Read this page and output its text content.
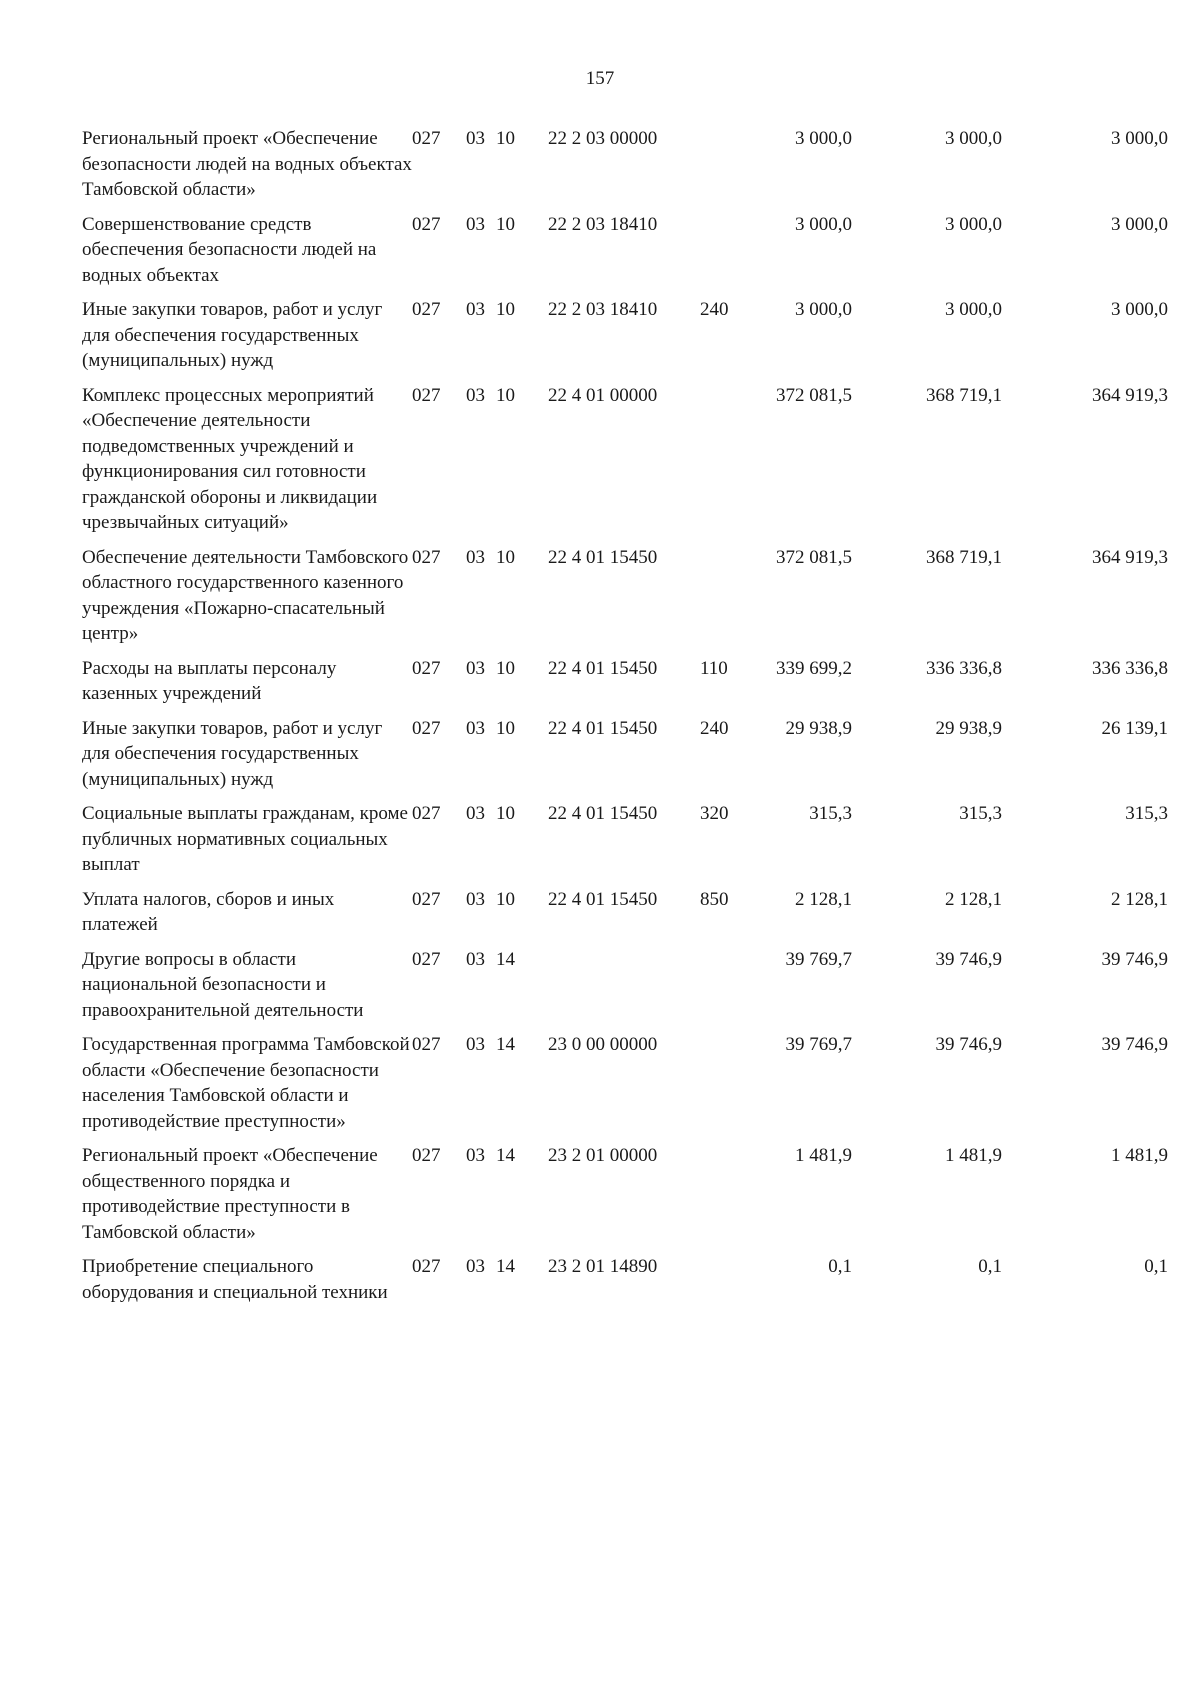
157
Региональный проект «Обеспечение безопасности людей на водных объектах Тамбовской области»
027 03 10 22 2 03 00000	3 000,0	3 000,0	3 000,0
Совершенствование средств обеспечения безопасности людей на водных объектах
027 03 10 22 2 03 18410	3 000,0	3 000,0	3 000,0
Иные закупки товаров, работ и услуг для обеспечения государственных (муниципальных) нужд
027 03 10 22 2 03 18410 240	3 000,0	3 000,0	3 000,0
Комплекс процессных мероприятий «Обеспечение деятельности подведомственных учреждений и функционирования сил готовности гражданской обороны и ликвидации чрезвычайных ситуаций»
027 03 10 22 4 01 00000	372 081,5	368 719,1	364 919,3
Обеспечение деятельности Тамбовского областного государственного казенного учреждения «Пожарно-спасательный центр»
027 03 10 22 4 01 15450	372 081,5	368 719,1	364 919,3
Расходы на выплаты персоналу казенных учреждений
027 03 10 22 4 01 15450 110	339 699,2	336 336,8	336 336,8
Иные закупки товаров, работ и услуг для обеспечения государственных (муниципальных) нужд
027 03 10 22 4 01 15450 240	29 938,9	29 938,9	26 139,1
Социальные выплаты гражданам, кроме публичных нормативных социальных выплат
027 03 10 22 4 01 15450 320	315,3	315,3	315,3
Уплата налогов, сборов и иных платежей
027 03 10 22 4 01 15450 850	2 128,1	2 128,1	2 128,1
Другие вопросы в области национальной безопасности и правоохранительной деятельности
027 03 14	39 769,7	39 746,9	39 746,9
Государственная программа Тамбовской области «Обеспечение безопасности населения Тамбовской области и противодействие преступности»
027 03 14 23 0 00 00000	39 769,7	39 746,9	39 746,9
Региональный проект «Обеспечение общественного порядка и противодействие преступности в Тамбовской области»
027 03 14 23 2 01 00000	1 481,9	1 481,9	1 481,9
Приобретение специального оборудования и специальной техники
027 03 14 23 2 01 14890	0,1	0,1	0,1
